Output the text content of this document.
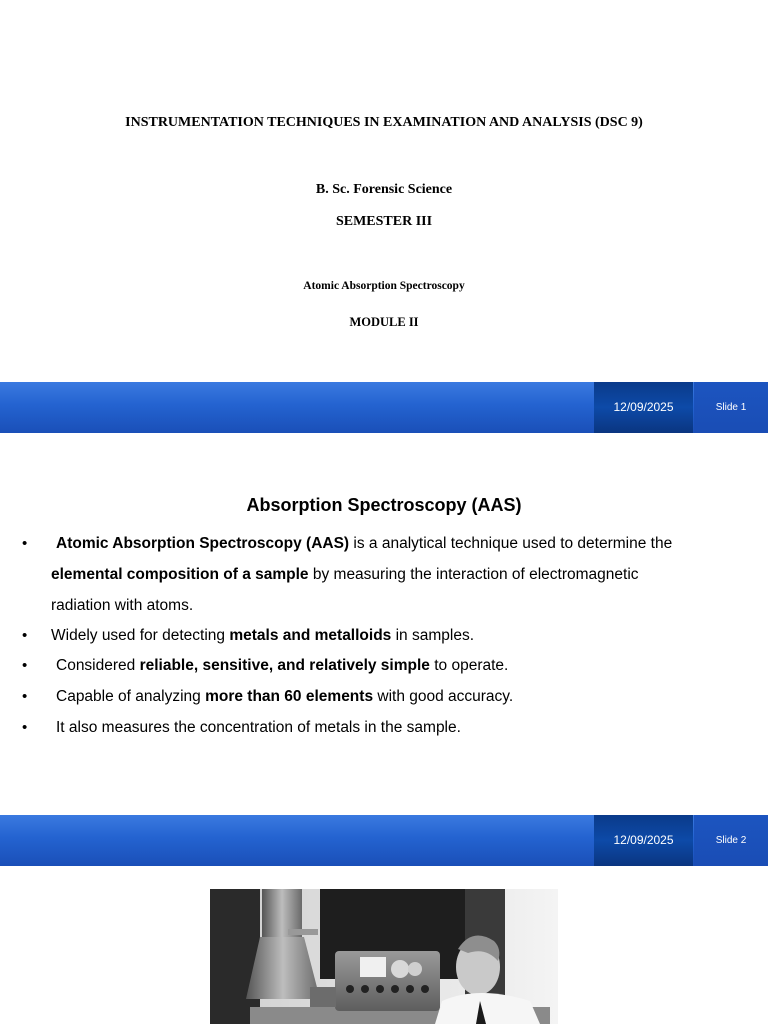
INSTRUMENTATION TECHNIQUES IN EXAMINATION AND ANALYSIS (DSC 9)
B. Sc. Forensic Science
SEMESTER III
Atomic Absorption Spectroscopy
MODULE II
12/09/2025	Slide 1
Absorption Spectroscopy (AAS)
• Atomic Absorption Spectroscopy (AAS) is a analytical technique used to determine the
elemental composition of a sample by measuring the interaction of electromagnetic
radiation with atoms.
• Widely used for detecting metals and metalloids in samples.
• Considered reliable, sensitive, and relatively simple to operate.
• Capable of analyzing more than 60 elements with good accuracy.
• It also measures the concentration of metals in the sample.
12/09/2025	Slide 2
